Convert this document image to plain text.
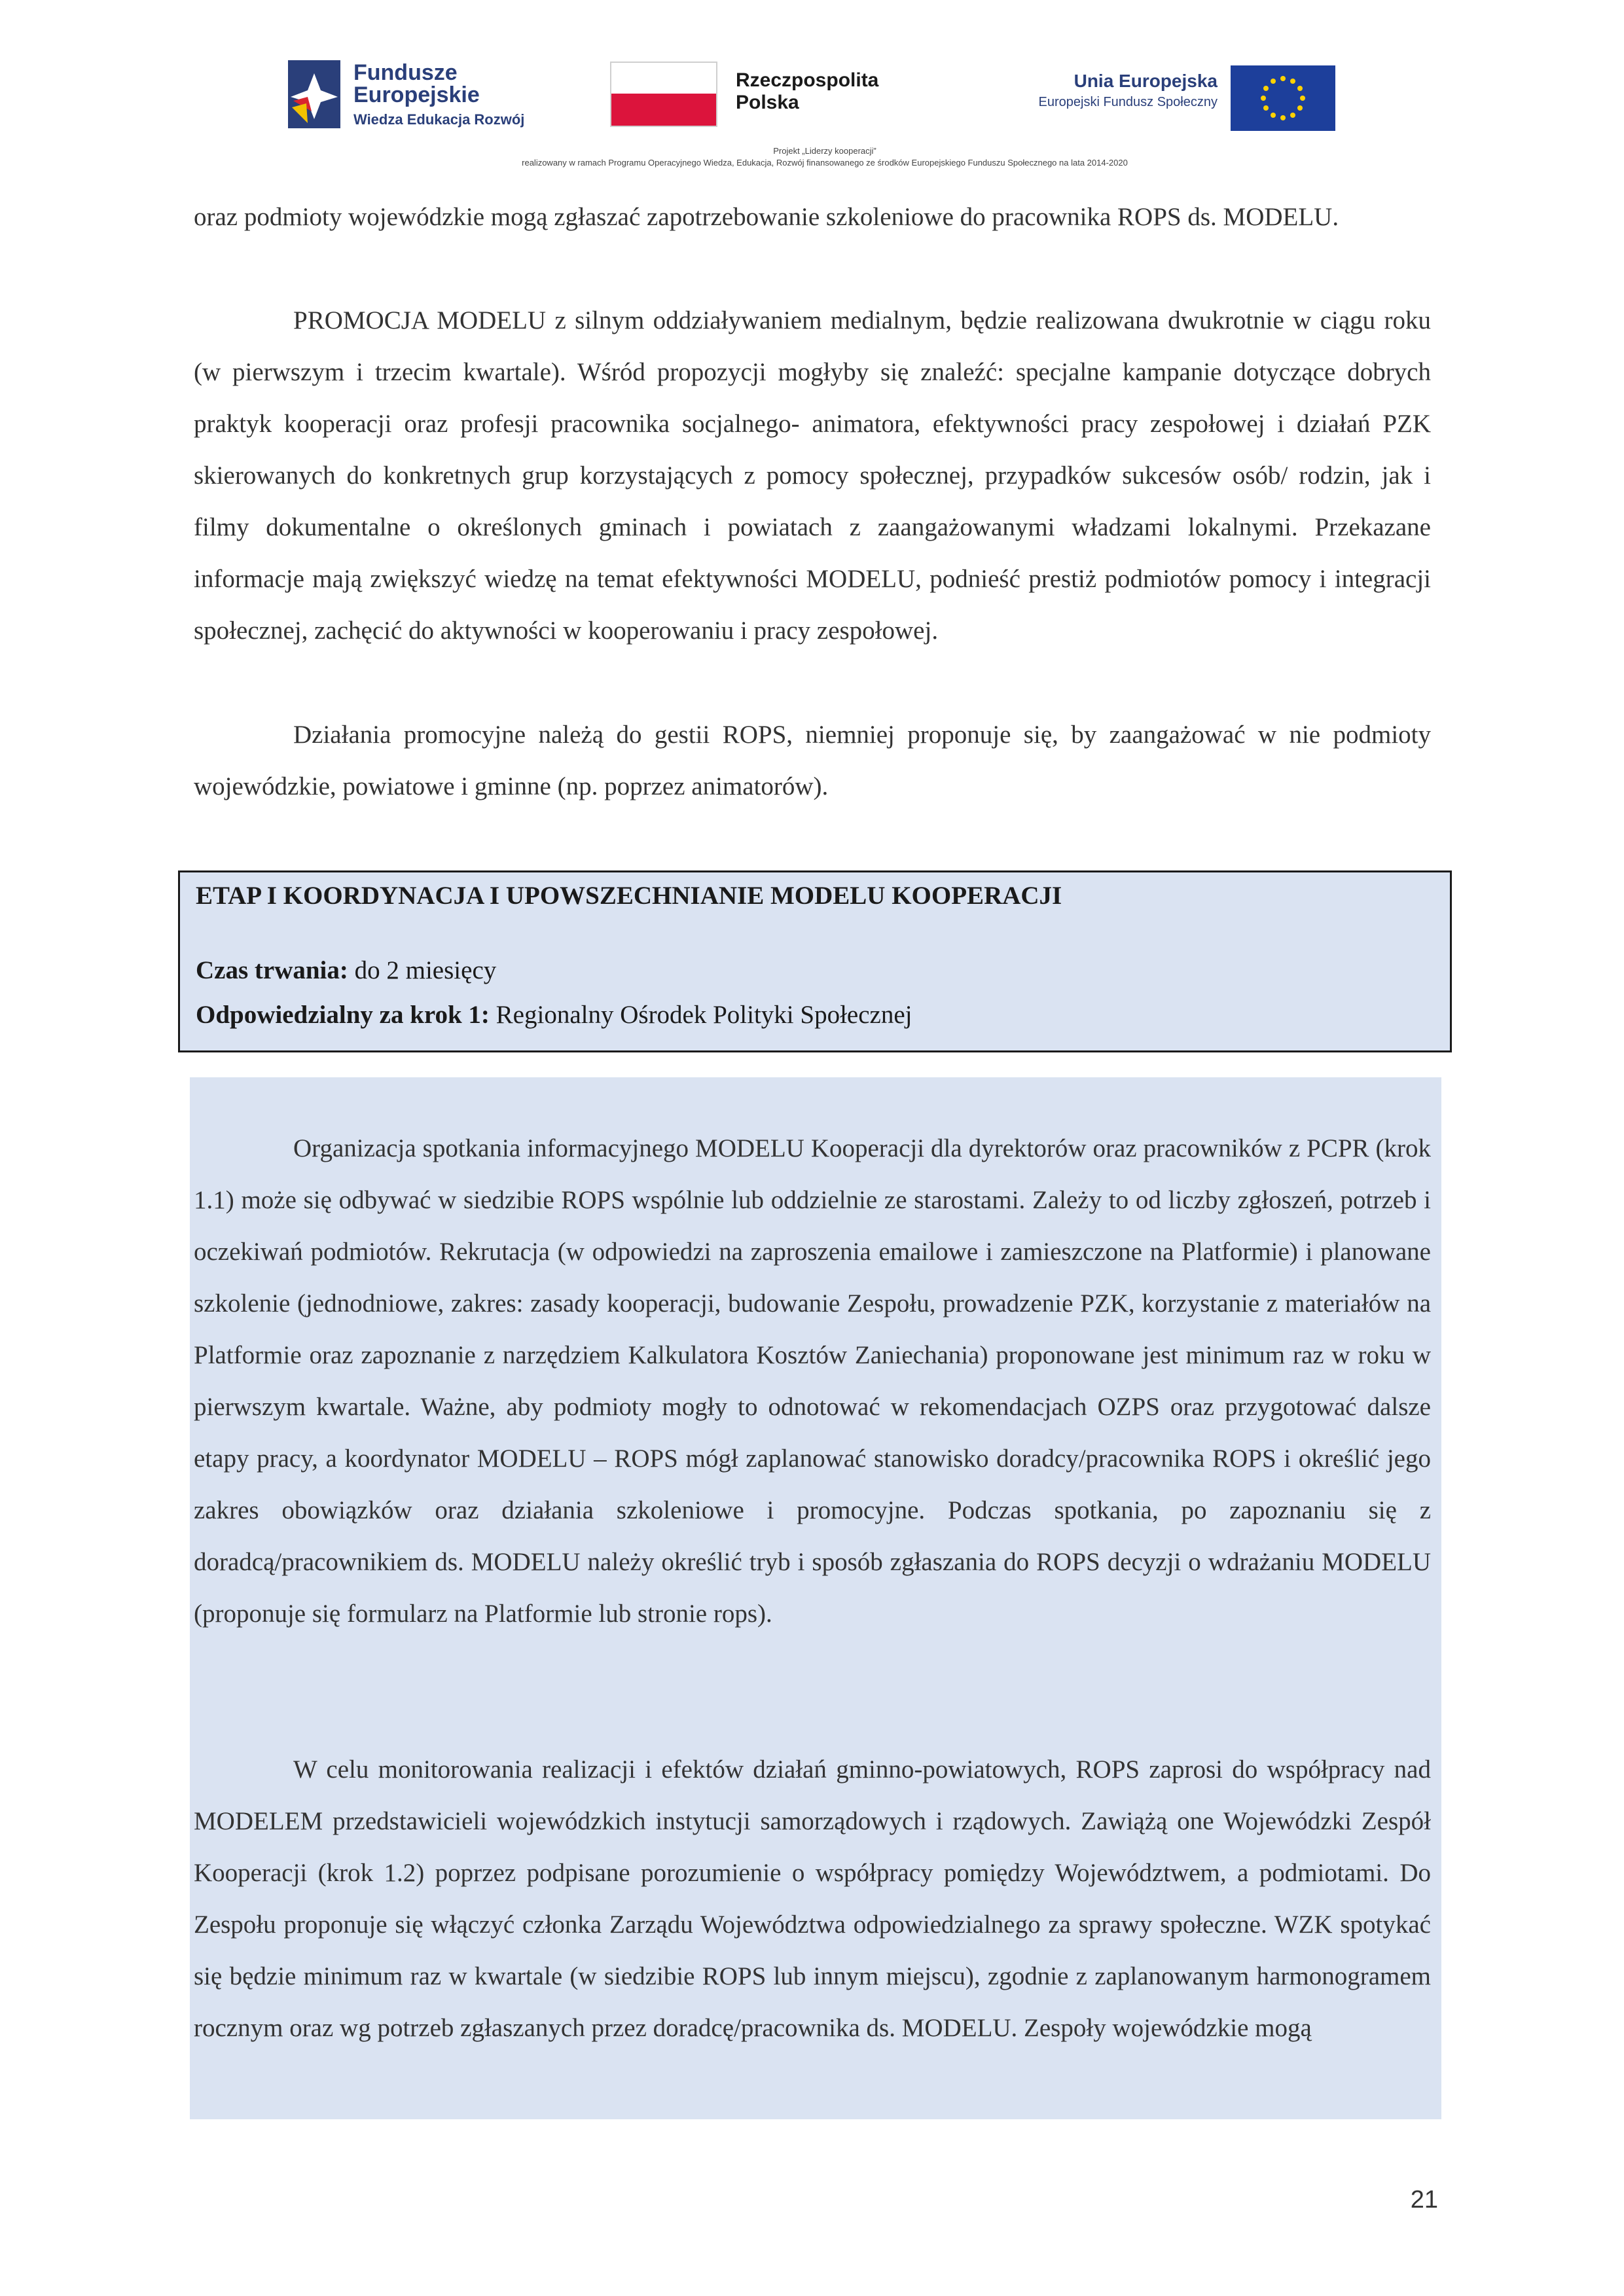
Fundusze
Europejskie
Wiedza Edukacja Rozwój
Rzeczpospolita
Polska
Unia Europejska
Europejski Fundusz Społeczny
Projekt „Liderzy kooperacji”
realizowany w ramach Programu Operacyjnego Wiedza, Edukacja, Rozwój finansowanego ze środków Europejskiego Funduszu Społecznego na lata 2014-2020

oraz podmioty wojewódzkie mogą zgłaszać zapotrzebowanie szkoleniowe do pracownika ROPS ds. MODELU.

PROMOCJA MODELU z silnym oddziaływaniem medialnym, będzie realizowana dwukrotnie w ciągu roku (w pierwszym i trzecim kwartale). Wśród propozycji mogłyby się znaleźć: specjalne kampanie dotyczące dobrych praktyk kooperacji oraz profesji pracownika socjalnego- animatora, efektywności pracy zespołowej i działań PZK skierowanych do konkretnych grup korzystających z pomocy społecznej, przypadków sukcesów osób/ rodzin, jak i filmy dokumentalne o określonych gminach i powiatach z zaangażowanymi władzami lokalnymi. Przekazane informacje mają zwiększyć wiedzę na temat efektywności MODELU, podnieść prestiż podmiotów pomocy i integracji społecznej, zachęcić do aktywności w kooperowaniu i pracy zespołowej.

Działania promocyjne należą do gestii ROPS, niemniej proponuje się, by zaangażować w nie podmioty wojewódzkie, powiatowe i gminne (np. poprzez animatorów).

ETAP I KOORDYNACJA I UPOWSZECHNIANIE MODELU KOOPERACJI
Czas trwania: do 2 miesięcy
Odpowiedzialny za krok 1: Regionalny Ośrodek Polityki Społecznej

Organizacja spotkania informacyjnego MODELU Kooperacji dla dyrektorów oraz pracowników z PCPR (krok 1.1) może się odbywać w siedzibie ROPS wspólnie lub oddzielnie ze starostami. Zależy to od liczby zgłoszeń, potrzeb i oczekiwań podmiotów. Rekrutacja (w odpowiedzi na zaproszenia emailowe i zamieszczone na Platformie) i planowane szkolenie (jednodniowe, zakres: zasady kooperacji, budowanie Zespołu, prowadzenie PZK, korzystanie z materiałów na Platformie oraz zapoznanie z narzędziem Kalkulatora Kosztów Zaniechania) proponowane jest minimum raz w roku w pierwszym kwartale. Ważne, aby podmioty mogły to odnotować w rekomendacjach OZPS oraz przygotować dalsze etapy pracy, a koordynator MODELU – ROPS mógł zaplanować stanowisko doradcy/pracownika ROPS i określić jego zakres obowiązków oraz działania szkoleniowe i promocyjne. Podczas spotkania, po zapoznaniu się z doradcą/pracownikiem ds. MODELU należy określić tryb i sposób zgłaszania do ROPS decyzji o wdrażaniu MODELU (proponuje się formularz na Platformie lub stronie rops).

W celu monitorowania realizacji i efektów działań gminno-powiatowych, ROPS zaprosi do współpracy nad MODELEM przedstawicieli wojewódzkich instytucji samorządowych i rządowych. Zawiążą one Wojewódzki Zespół Kooperacji (krok 1.2) poprzez podpisane porozumienie o współpracy pomiędzy Województwem, a podmiotami. Do Zespołu proponuje się włączyć członka Zarządu Województwa odpowiedzialnego za sprawy społeczne. WZK spotykać się będzie minimum raz w kwartale (w siedzibie ROPS lub innym miejscu), zgodnie z zaplanowanym harmonogramem rocznym oraz wg potrzeb zgłaszanych przez doradcę/pracownika ds. MODELU. Zespoły wojewódzkie mogą

21
